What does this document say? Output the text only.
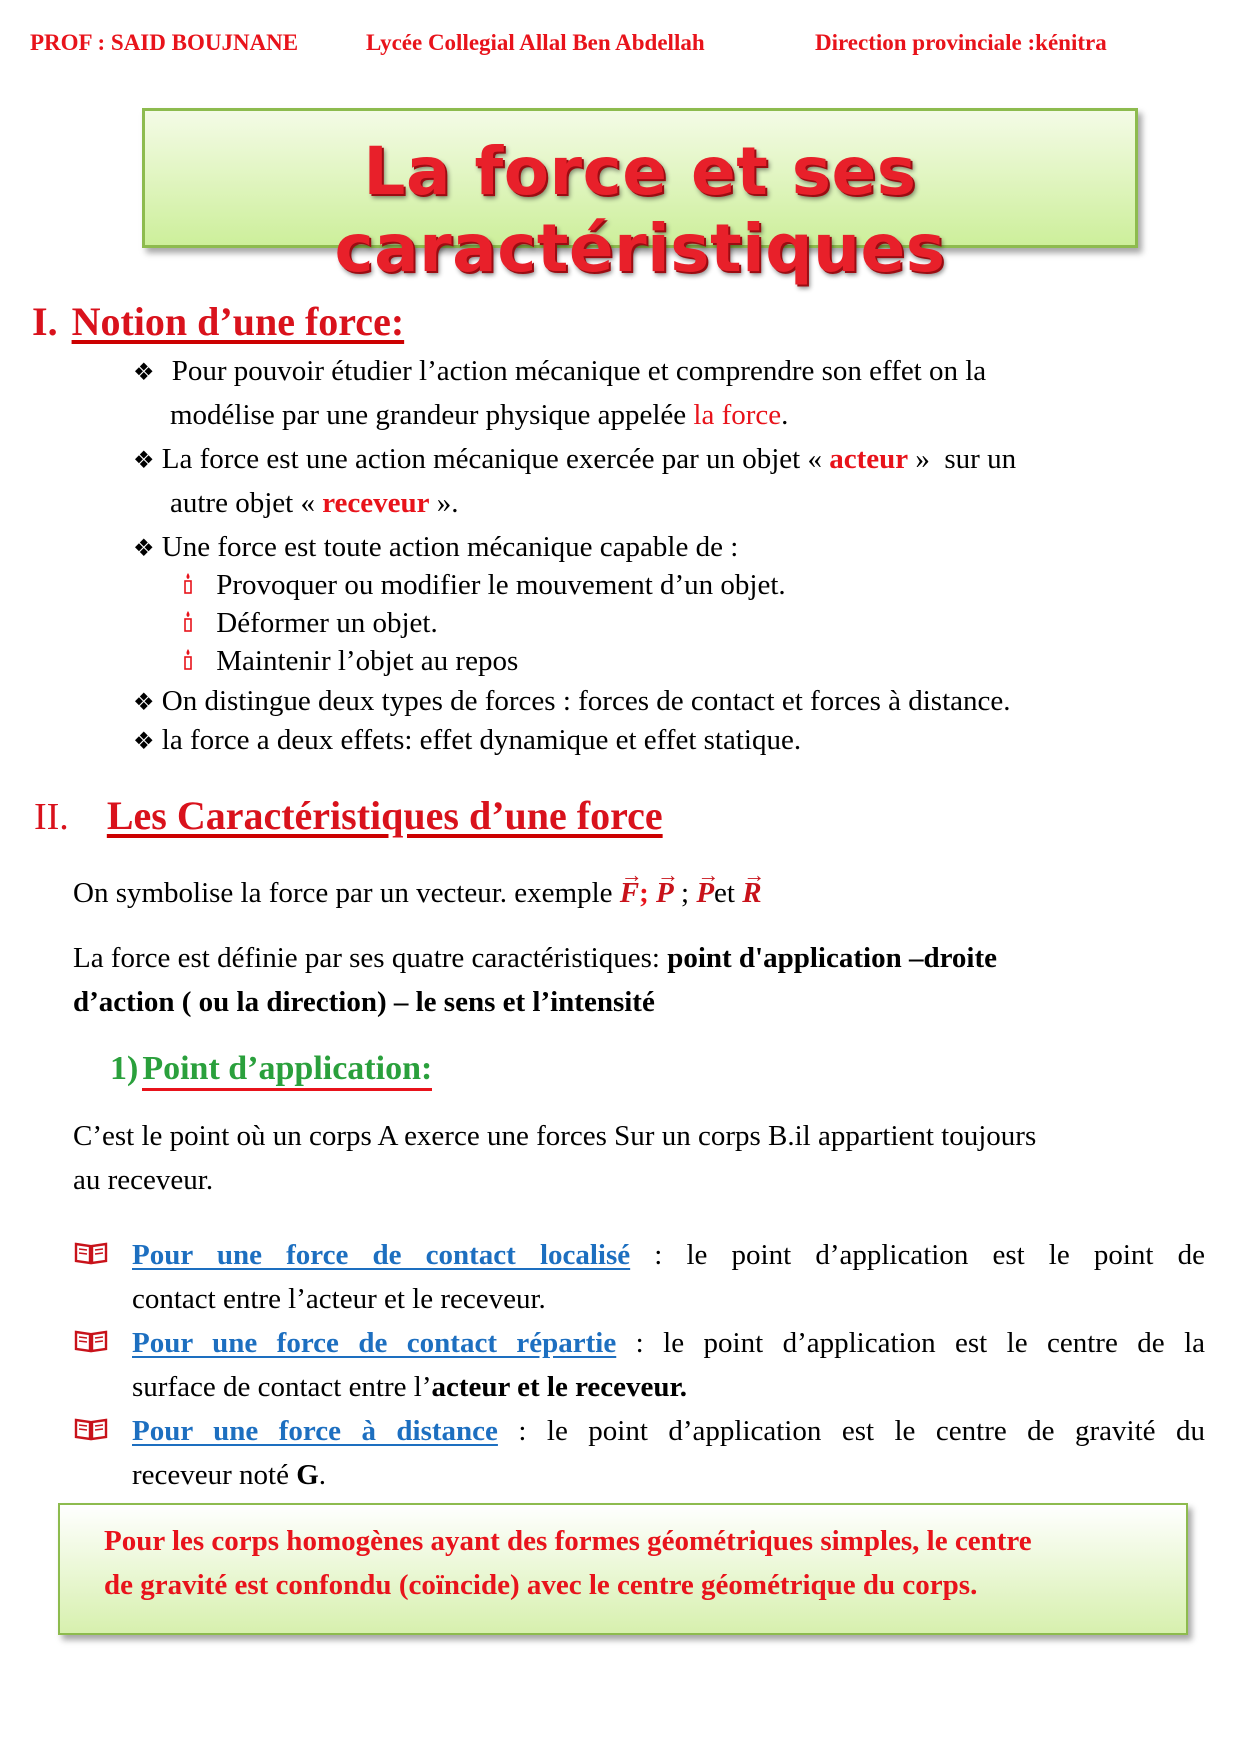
PROF : SAID BOUJNANE	Lycée Collegial Allal Ben Abdellah	Direction provinciale :kénitra
La force et ses caractéristiques
I. Notion d’une force:
❖ Pour pouvoir étudier l’action mécanique et comprendre son effet on la
modélise par une grandeur physique appelée la force.
❖ La force est une action mécanique exercée par un objet « acteur »  sur un
autre objet « receveur ».
❖ Une force est toute action mécanique capable de :
Provoquer ou modifier le mouvement d’un objet.
Déformer un objet.
Maintenir l’objet au repos
❖ On distingue deux types de forces : forces de contact et forces à distance.
❖ la force a deux effets: effet dynamique et effet statique.
II. Les Caractéristiques d’une force
On symbolise la force par un vecteur. exemple → F; → P ; → Pet → R
La force est définie par ses quatre caractéristiques: point d'application –droite
d’action ( ou la direction) – le sens et l’intensité
1) Point d’application:
C’est le point où un corps A exerce une forces Sur un corps B.il appartient toujours
au receveur.
Pour une force de contact localisé : le point d’application est le point de
contact entre l’acteur et le receveur.
Pour une force de contact répartie : le point d’application est le centre de la
surface de contact entre l’acteur et le receveur.
Pour une force à distance : le point d’application est le centre de gravité du
receveur noté G.
Pour les corps homogènes ayant des formes géométriques simples, le centre
de gravité est confondu (coïncide) avec le centre géométrique du corps.
